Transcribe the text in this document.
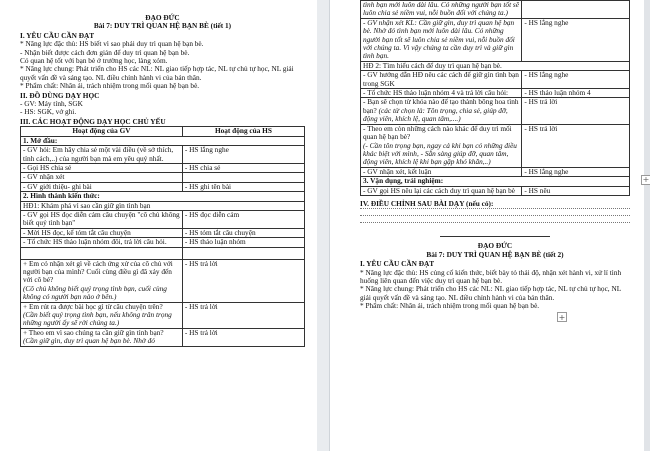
ĐẠO ĐỨC
Bài 7: DUY TRÌ QUAN HỆ BẠN BÈ (tiết 1)
I. YÊU CẦU CẦN ĐẠT
* Năng lực đặc thù: HS biết vì sao phải duy trì quan hệ bạn bè.
- Nhận biết được cách đơn giản để duy trì quan hệ bạn bè.
Có quan hệ tốt với bạn bè ở trường học, làng xóm.
* Năng lực chung: Phát triển cho HS các NL: NL giao tiếp hợp tác, NL tự chủ tự học, NL giải quyết vấn đề và sáng tạo. NL điều chỉnh hành vi của bản thân.
* Phẩm chất: Nhân ái, trách nhiệm trong mối quan hệ bạn bè.
II. ĐỒ DÙNG DẠY HỌC
- GV: Máy tính, SGK
- HS: SGK, vở ghi.
III. CÁC HOẠT ĐỘNG DẠY HỌC CHỦ YẾU
Hoạt động của GV	Hoạt động của HS
1. Mở đầu:	
- GV hỏi: Em hãy chia sẻ một vài điều (về sở thích, tính cách,..) của người bạn mà em yêu quý nhất.	- HS lắng nghe
- Gọi HS chia sẻ	- HS chia sẻ
- GV nhận xét	
- GV giới thiệu- ghi bài	- HS ghi tên bài
2. Hình thành kiến thức:	
HĐ1: Khám phá vì sao cần giữ gìn tình bạn	
- GV gọi HS đọc diễn cảm câu chuyện "cô chủ không biết quý tình bạn"	- HS đọc diễn cảm
- Mời HS đọc, kể tóm tắt câu chuyện	- HS tóm tắt câu chuyện
- Tổ chức HS thảo luận nhóm đôi, trả lời câu hỏi.	- HS thảo luận nhóm

+ Em có nhận xét gì về cách ứng xử của cô chủ với người bạn của mình? Cuối cùng điều gì đã xảy đến với cô bé?
(Cô chủ không biết quý trọng tình bạn, cuối cùng không có người bạn nào ở bên.)	- HS trả lời

+ Em rút ra được bài học gì từ câu chuyện trên?
(Cần biết quý trọng tình bạn, nếu không trân trọng những người ấy sẽ rời chúng ta.)	- HS trả lời

+ Theo em vì sao chúng ta cần giữ gìn tình bạn?
(Cần giữ gìn, duy trì quan hệ bạn bè. Nhờ đó	- HS trả lời
tình bạn mới luôn dài lâu. Có những người bạn tốt sẽ luôn chia sẻ niềm vui, nỗi buồn đối với chúng ta.)	
- GV nhận xét KL: Cần giữ gìn, duy trì quan hệ bạn bè. Nhờ đó tình bạn mới luôn dài lâu. Có những người bạn tốt sẽ luôn chia sẻ niềm vui, nỗi buồn đối với chúng ta. Vì vậy chúng ta cần duy trì và giữ gìn tình bạn.	- HS lắng nghe
HĐ 2: Tìm hiểu cách để duy trì quan hệ bạn bè.	
- GV hướng dẫn HĐ nêu các cách để giữ gìn tình bạn trong SGK	- HS lắng nghe
- Tổ chức HS thảo luận nhóm 4 và trả lời câu hỏi:	- HS thảo luận nhóm 4
- Bạn sẽ chọn từ khóa nào để tạo thành bông hoa tình bạn? (các từ chọn là: Tôn trọng, chia sẻ, giúp đỡ, động viên, khích lệ, quan tâm,....)	- HS trả lời

- Theo em còn những cách nào khác để duy trì mối quan hệ bạn bè?
(- Cần tôn trọng bạn, ngay cả khi bạn có những điều khác biệt với mình, - Sẵn sàng giúp đỡ, quan tâm, động viên, khích lệ khi bạn gặp khó khăn,..)	- HS trả lời
- GV nhận xét, kết luận	- HS lắng nghe
3. Vận dụng, trải nghiệm:	
- GV gọi HS nêu lại các cách duy trì quan hệ bạn bè	- HS nêu
IV. ĐIỀU CHỈNH SAU BÀI DẠY (nếu có):
ĐẠO ĐỨC
Bài 7: DUY TRÌ QUAN HỆ BẠN BÈ (tiết 2)
I. YÊU CẦU CẦN ĐẠT
* Năng lực đặc thù: HS củng cố kiến thức, biết bày tỏ thái độ, nhận xét hành vi, xử lí tình huống liên quan đến việc duy trì quan hệ bạn bè.
* Năng lực chung: Phát triển cho HS các NL: NL giao tiếp hợp tác, NL tự chủ tự học, NL giải quyết vấn đề và sáng tạo. NL điều chỉnh hành vi của bản thân.
* Phẩm chất: Nhân ái, trách nhiệm trong mối quan hệ bạn bè.
+
+
